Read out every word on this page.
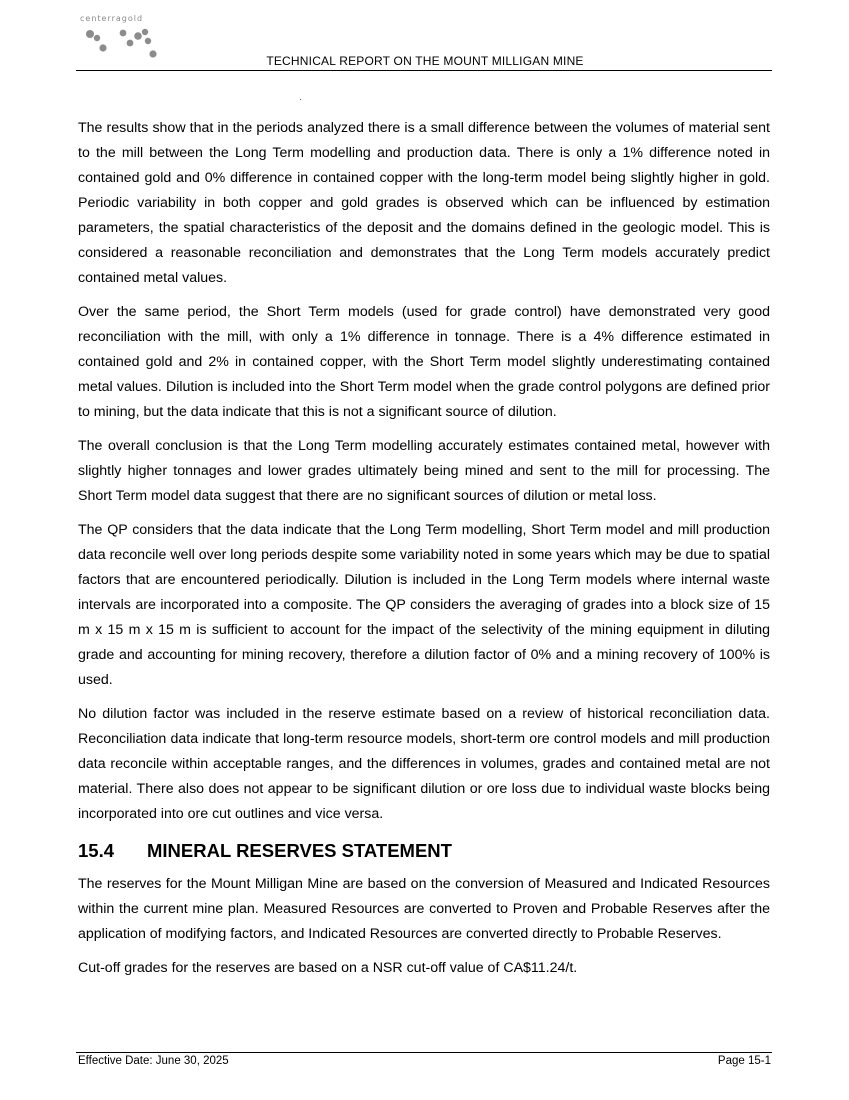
centerragold
TECHNICAL REPORT ON THE MOUNT MILLIGAN MINE

The results show that in the periods analyzed there is a small difference between the volumes of material sent to the mill between the Long Term modelling and production data. There is only a 1% difference noted in contained gold and 0% difference in contained copper with the long-term model being slightly higher in gold. Periodic variability in both copper and gold grades is observed which can be influenced by estimation parameters, the spatial characteristics of the deposit and the domains defined in the geologic model. This is considered a reasonable reconciliation and demonstrates that the Long Term models accurately predict contained metal values.

Over the same period, the Short Term models (used for grade control) have demonstrated very good reconciliation with the mill, with only a 1% difference in tonnage. There is a 4% difference estimated in contained gold and 2% in contained copper, with the Short Term model slightly underestimating contained metal values. Dilution is included into the Short Term model when the grade control polygons are defined prior to mining, but the data indicate that this is not a significant source of dilution.

The overall conclusion is that the Long Term modelling accurately estimates contained metal, however with slightly higher tonnages and lower grades ultimately being mined and sent to the mill for processing. The Short Term model data suggest that there are no significant sources of dilution or metal loss.

The QP considers that the data indicate that the Long Term modelling, Short Term model and mill production data reconcile well over long periods despite some variability noted in some years which may be due to spatial factors that are encountered periodically. Dilution is included in the Long Term models where internal waste intervals are incorporated into a composite. The QP considers the averaging of grades into a block size of 15 m x 15 m x 15 m is sufficient to account for the impact of the selectivity of the mining equipment in diluting grade and accounting for mining recovery, therefore a dilution factor of 0% and a mining recovery of 100% is used.

No dilution factor was included in the reserve estimate based on a review of historical reconciliation data. Reconciliation data indicate that long-term resource models, short-term ore control models and mill production data reconcile within acceptable ranges, and the differences in volumes, grades and contained metal are not material. There also does not appear to be significant dilution or ore loss due to individual waste blocks being incorporated into ore cut outlines and vice versa.

15.4	MINERAL RESERVES STATEMENT

The reserves for the Mount Milligan Mine are based on the conversion of Measured and Indicated Resources within the current mine plan. Measured Resources are converted to Proven and Probable Reserves after the application of modifying factors, and Indicated Resources are converted directly to Probable Reserves.

Cut-off grades for the reserves are based on a NSR cut-off value of CA$11.24/t.

Effective Date: June 30, 2025	Page 15-1
